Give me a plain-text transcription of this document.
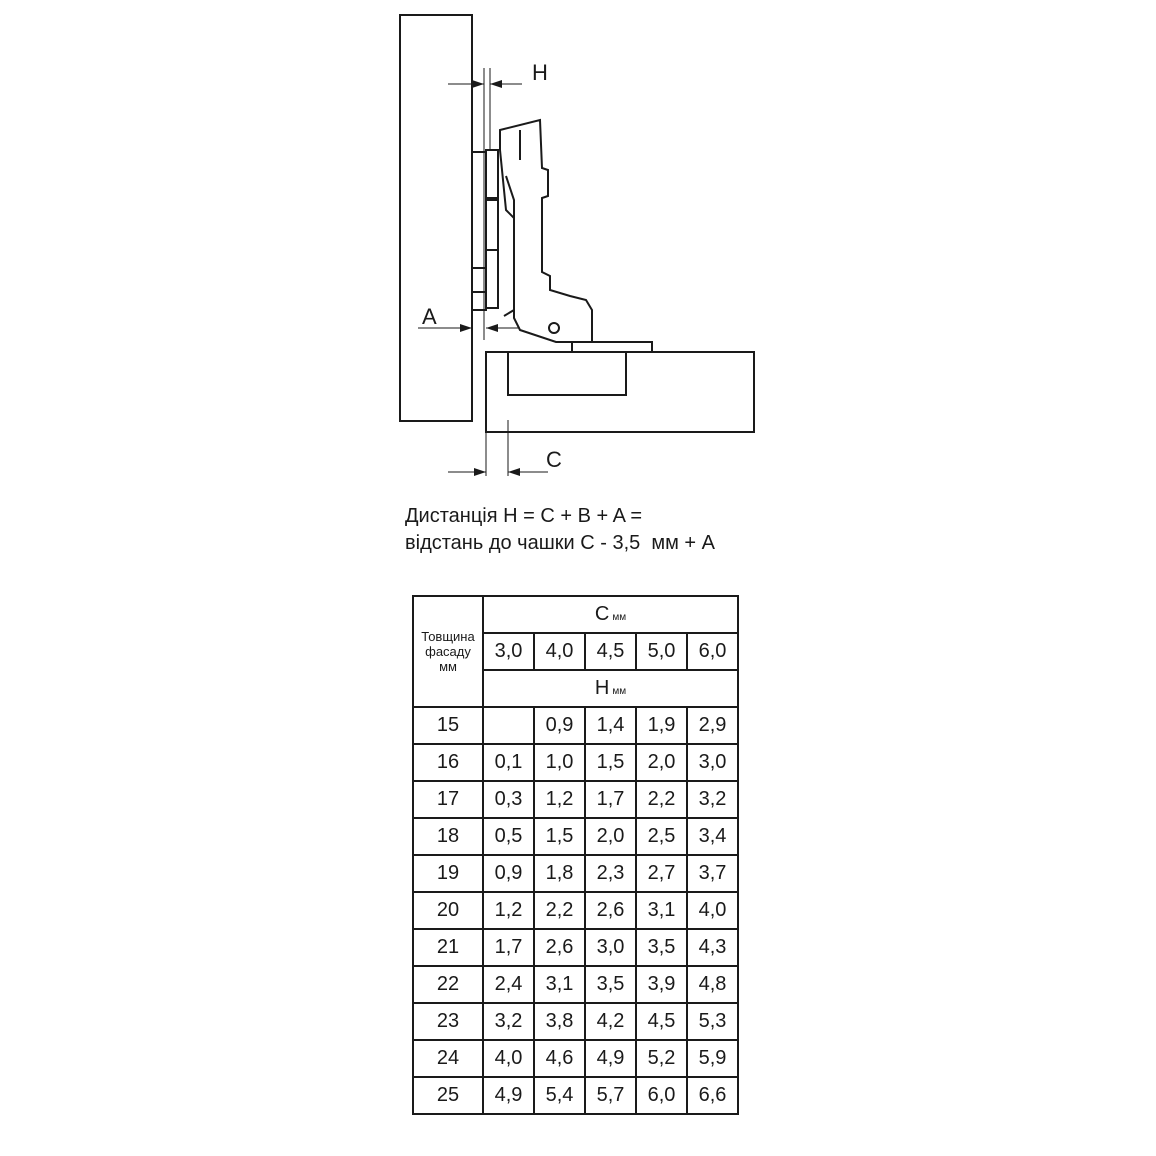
H
A
C
Дистанція H = C + B + A =
відстань до чашки C - 3,5  мм + A
Товщина
фасаду
мм	C мм				
	3,0	4,0	4,5	5,0	6,0
	H мм				
15		0,9	1,4	1,9	2,9
16	0,1	1,0	1,5	2,0	3,0
17	0,3	1,2	1,7	2,2	3,2
18	0,5	1,5	2,0	2,5	3,4
19	0,9	1,8	2,3	2,7	3,7
20	1,2	2,2	2,6	3,1	4,0
21	1,7	2,6	3,0	3,5	4,3
22	2,4	3,1	3,5	3,9	4,8
23	3,2	3,8	4,2	4,5	5,3
24	4,0	4,6	4,9	5,2	5,9
25	4,9	5,4	5,7	6,0	6,6
